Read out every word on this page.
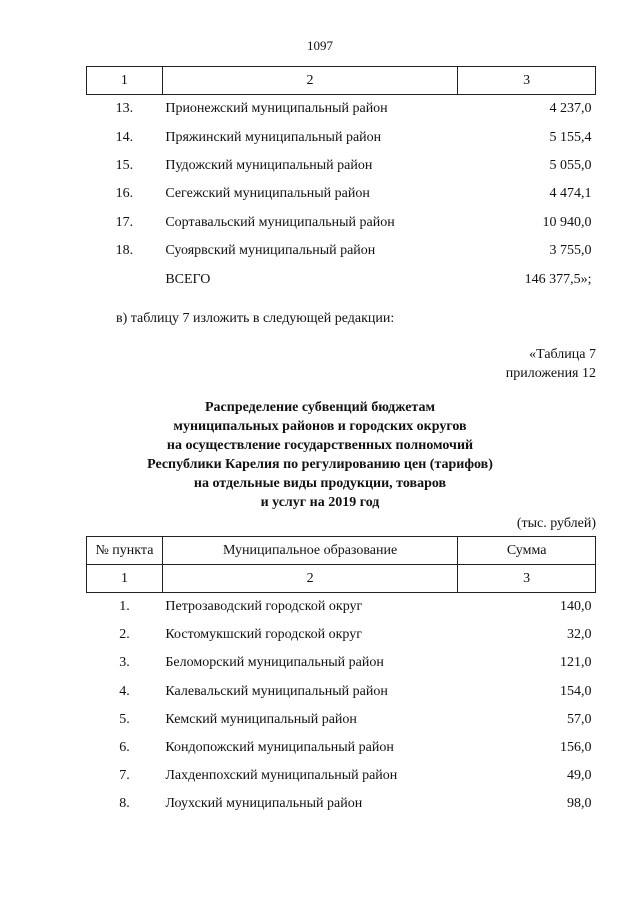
1097
1	2	3
13.	Прионежский муниципальный район	4 237,0
14.	Пряжинский муниципальный район	5 155,4
15.	Пудожский муниципальный район	5 055,0
16.	Сегежский муниципальный район	4 474,1
17.	Сортавальский муниципальный район	10 940,0
18.	Суоярвский муниципальный район	3 755,0
	ВСЕГО	146 377,5»;
в) таблицу 7 изложить в следующей редакции:
«Таблица 7
приложения 12
Распределение субвенций бюджетам
муниципальных районов и городских округов
на осуществление государственных полномочий
Республики Карелия по регулированию цен (тарифов)
на отдельные виды продукции, товаров
и услуг на 2019 год
(тыс. рублей)
№ пункта	Муниципальное образование	Сумма
1	2	3
1.	Петрозаводский городской округ	140,0
2.	Костомукшский городской округ	32,0
3.	Беломорский муниципальный район	121,0
4.	Калевальский муниципальный район	154,0
5.	Кемский муниципальный район	57,0
6.	Кондопожский муниципальный район	156,0
7.	Лахденпохский муниципальный район	49,0
8.	Лоухский муниципальный район	98,0
